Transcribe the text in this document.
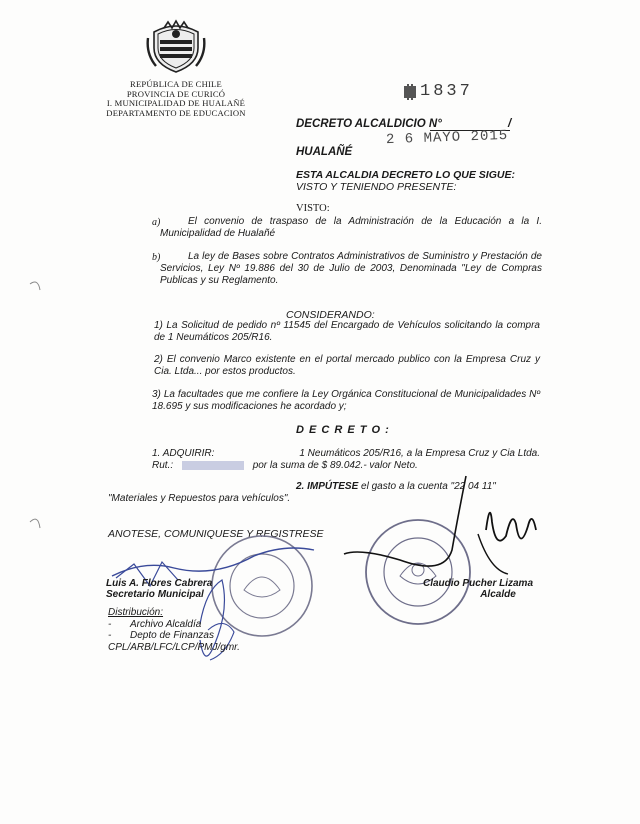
REPÚBLICA DE CHILE
PROVINCIA DE CURICÓ
I. MUNICIPALIDAD DE HUALAÑÉ
DEPARTAMENTO DE EDUCACION
1837
DECRETO ALCALDICIO N°	/
2 6 MAYO 2015
HUALAÑÉ
ESTA ALCALDIA DECRETO LO QUE SIGUE:
VISTO Y TENIENDO PRESENTE:
VISTO:
a)	El convenio de traspaso de la Administración de la Educación a la I. Municipalidad de Hualañé
b)	La ley de Bases sobre Contratos Administrativos de Suministro y Prestación de Servicios, Ley Nº 19.886 del 30 de Julio de 2003, Denominada "Ley de Compras Publicas y su Reglamento.
CONSIDERANDO:
1) La Solicitud de pedido nº 11545 del Encargado de Vehículos solicitando la compra de 1 Neumáticos 205/R16.
2) El convenio Marco existente en el portal mercado publico con la Empresa Cruz y Cia. Ltda... por estos productos.
3) La facultades que me confiere la Ley Orgánica Constitucional de Municipalidades Nº 18.695 y sus modificaciones he acordado y;
D E C R E T O :
1. ADQUIRIR:	1 Neumáticos 205/R16, a la Empresa Cruz y Cia Ltda.
Rut.:	por la suma de $ 89.042.- valor Neto.
2. IMPÚTESE el gasto a la cuenta "22 04 11"
"Materiales y Repuestos para vehículos".
ANOTESE, COMUNIQUESE Y REGISTRESE
Luis A. Flores Cabrera
Secretario Municipal
Claudio Pucher Lizama
Alcalde
Distribución:
- Archivo Alcaldía
- Depto de Finanzas
CPL/ARB/LFC/LCP/PMJ/gmr.
